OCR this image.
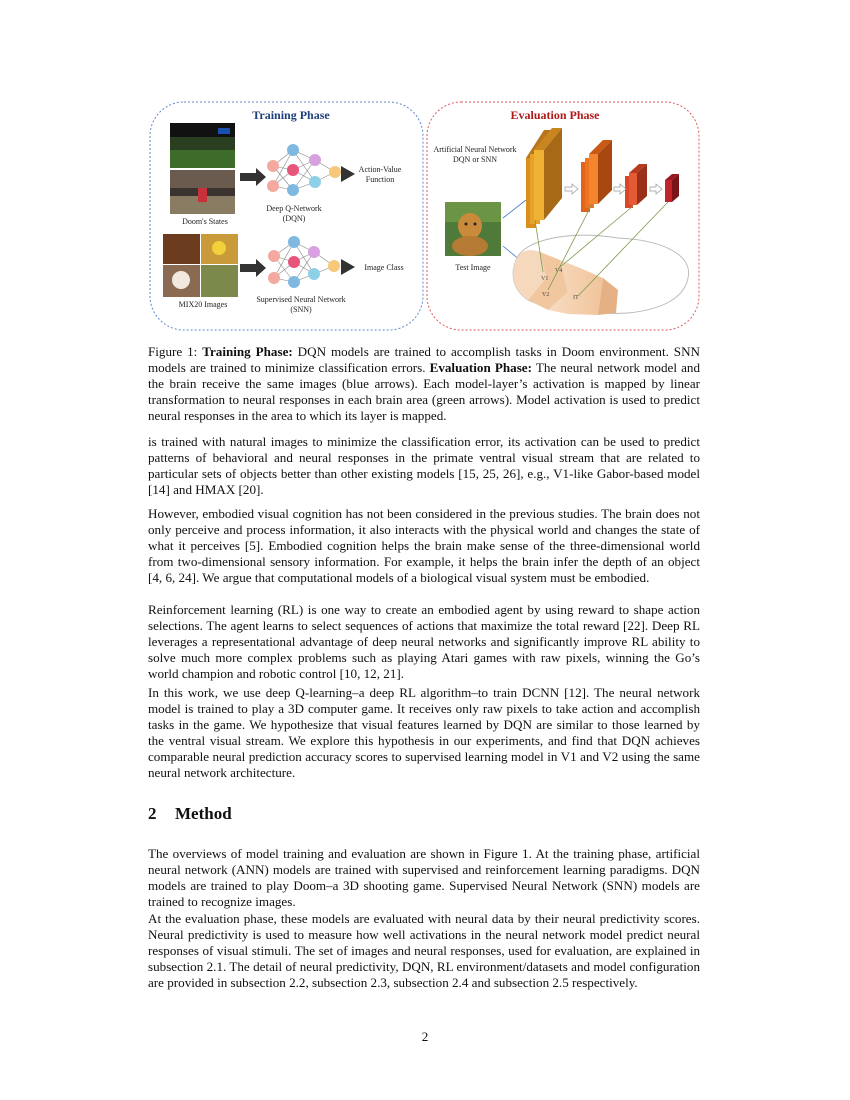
Training Phase
Doom's States
MIX20 Images
Deep Q-Network
(DQN)
Action-Value
Function
Supervised Neural Network
(SNN)
Image Class
Evaluation Phase
Artificial Neural Network
DQN or SNN
Test Image
V1
V2
V4
IT
Figure 1: Training Phase: DQN models are trained to accomplish tasks in Doom environment. SNN models are trained to minimize classification errors. Evaluation Phase: The neural network model and the brain receive the same images (blue arrows). Each model-layer’s activation is mapped by linear transformation to neural responses in each brain area (green arrows). Model activation is used to predict neural responses in the area to which its layer is mapped.

is trained with natural images to minimize the classification error, its activation can be used to predict patterns of behavioral and neural responses in the primate ventral visual stream that are related to particular sets of objects better than other existing models [15, 25, 26], e.g., V1-like Gabor-based model [14] and HMAX [20].

However, embodied visual cognition has not been considered in the previous studies. The brain does not only perceive and process information, it also interacts with the physical world and changes the state of what it perceives [5]. Embodied cognition helps the brain make sense of the three-dimensional world from two-dimensional sensory information. For example, it helps the brain infer the depth of an object [4, 6, 24]. We argue that computational models of a biological visual system must be embodied.

Reinforcement learning (RL) is one way to create an embodied agent by using reward to shape action selections. The agent learns to select sequences of actions that maximize the total reward [22]. Deep RL leverages a representational advantage of deep neural networks and significantly improve RL ability to solve much more complex problems such as playing Atari games with raw pixels, winning the Go’s world champion and robotic control [10, 12, 21].

In this work, we use deep Q-learning–a deep RL algorithm–to train DCNN [12]. The neural network model is trained to play a 3D computer game. It receives only raw pixels to take action and accomplish tasks in the game. We hypothesize that visual features learned by DQN are similar to those learned by the ventral visual stream. We explore this hypothesis in our experiments, and find that DQN achieves comparable neural prediction accuracy scores to supervised learning model in V1 and V2 using the same neural network architecture.

2 Method

The overviews of model training and evaluation are shown in Figure 1. At the training phase, artificial neural network (ANN) models are trained with supervised and reinforcement learning paradigms. DQN models are trained to play Doom–a 3D shooting game. Supervised Neural Network (SNN) models are trained to recognize images.

At the evaluation phase, these models are evaluated with neural data by their neural predictivity scores. Neural predictivity is used to measure how well activations in the neural network model predict neural responses of visual stimuli. The set of images and neural responses, used for evaluation, are explained in subsection 2.1. The detail of neural predictivity, DQN, RL environment/datasets and model configuration are provided in subsection 2.2, subsection 2.3, subsection 2.4 and subsection 2.5 respectively.

2
